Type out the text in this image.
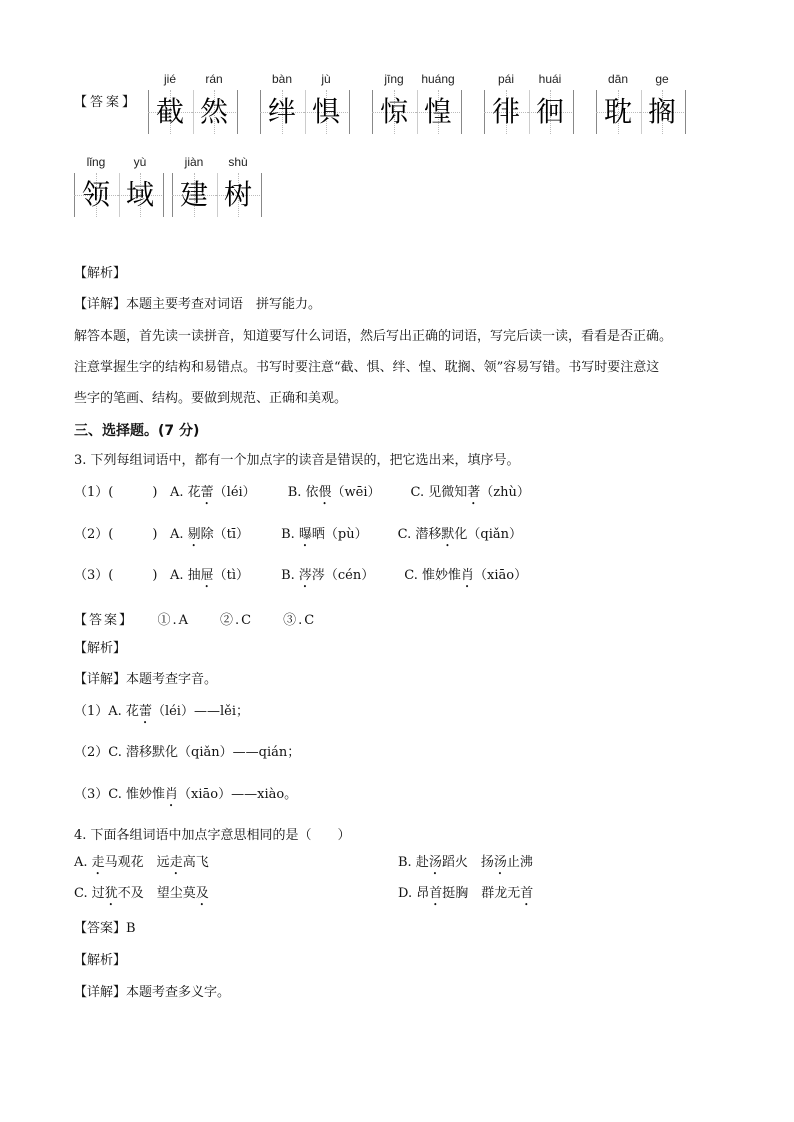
【答案】
jié
截
rán
然
bàn
绊
jù
惧
jīng
惊
huáng
惶
pái
徘
huái
徊
dān
耽
ge
搁
lǐng
领
yù
域
jiàn
建
shù
树
【解析】
【详解】本题主要考查对词语　拼写能力。
解答本题，首先读一读拼音，知道要写什么词语，然后写出正确的词语，写完后读一读，看看是否正确。
注意掌握生字的结构和易错点。书写时要注意“截、惧、绊、惶、耽搁、领”容易写错。书写时要注意这
些字的笔画、结构。要做到规范、正确和美观。
三、选择题。(7 分)
3. 下列每组词语中，都有一个加点字的读音是错误的，把它选出来，填序号。
（1）(　　　) A. 花蕾（léi） B. 依偎（wēi） C. 见微知著（zhù）
（2）(　　　) A. 剔除（tī） B. 曝晒（pù） C. 潜移默化（qiǎn）
（3）(　　　) A. 抽屉（tì） B. 涔涔（cén） C. 惟妙惟肖（xiāo）
【答案】　　①.A　　②.C　　③.C
【解析】
【详解】本题考查字音。
（1）A. 花蕾（léi）——lěi；
（2）C. 潜移默化（qiǎn）——qián；
（3）C. 惟妙惟肖（xiāo）——xiào。
4. 下面各组词语中加点字意思相同的是（　　）
A. 走马观花　远走高飞	B. 赴汤蹈火　扬汤止沸
C. 过犹不及　望尘莫及	D. 昂首挺胸　群龙无首
【答案】B
【解析】
【详解】本题考查多义字。
